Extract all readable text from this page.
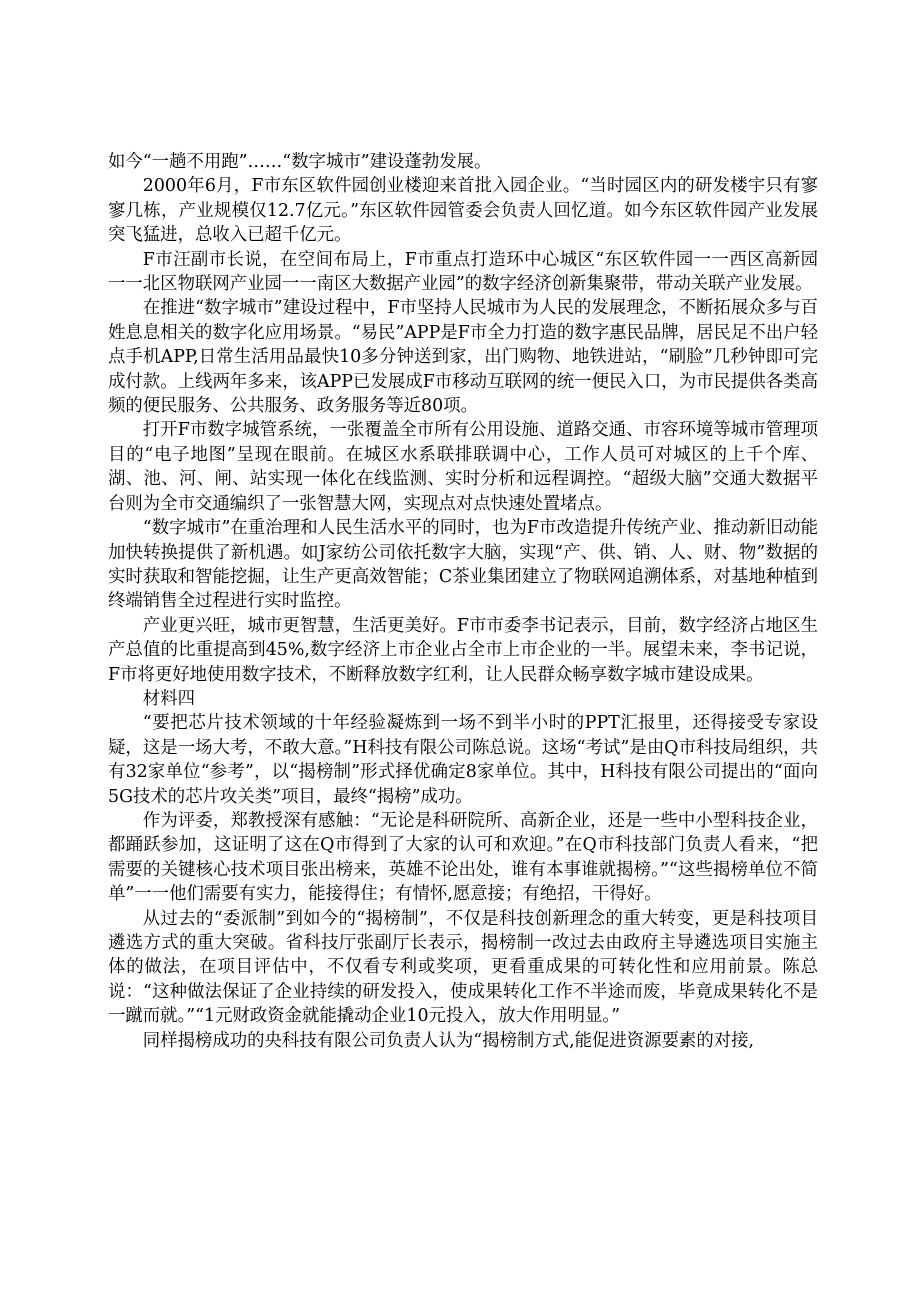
如今“一趟不用跑”……“数字城市”建设蓬勃发展。

2000年6月，F市东区软件园创业楼迎来首批入园企业。“当时园区内的研发楼宇只有寥寥几栋，产业规模仅12.7亿元。”东区软件园管委会负责人回忆道。如今东区软件园产业发展突飞猛进，总收入已超千亿元。

F市汪副市长说，在空间布局上，F市重点打造环中心城区“东区软件园一一西区高新园一一北区物联网产业园一一南区大数据产业园”的数字经济创新集聚带，带动关联产业发展。

在推进“数字城市”建设过程中，F市坚持人民城市为人民的发展理念，不断拓展众多与百姓息息相关的数字化应用场景。“易民”APP是F市全力打造的数字惠民品牌，居民足不出户轻点手机APP,日常生活用品最快10多分钟送到家，出门购物、地铁进站，“刷脸”几秒钟即可完成付款。上线两年多来，该APP已发展成F市移动互联网的统一便民入口，为市民提供各类高频的便民服务、公共服务、政务服务等近80项。

打开F市数字城管系统，一张覆盖全市所有公用设施、道路交通、市容环境等城市管理项目的“电子地图”呈现在眼前。在城区水系联排联调中心，工作人员可对城区的上千个库、湖、池、河、闸、站实现一体化在线监测、实时分析和远程调控。“超级大脑”交通大数据平台则为全市交通编织了一张智慧大网，实现点对点快速处置堵点。

“数字城市”在重治理和人民生活水平的同时，也为F市改造提升传统产业、推动新旧动能加快转换提供了新机遇。如J家纺公司依托数字大脑，实现“产、供、销、人、财、物”数据的实时获取和智能挖掘，让生产更高效智能；C茶业集团建立了物联网追溯体系，对基地种植到终端销售全过程进行实时监控。

产业更兴旺，城市更智慧，生活更美好。F市市委李书记表示，目前，数字经济占地区生产总值的比重提高到45%,数字经济上市企业占全市上市企业的一半。展望未来，李书记说，F市将更好地使用数字技术，不断释放数字红利，让人民群众畅享数字城市建设成果。

材料四

“要把芯片技术领域的十年经验凝炼到一场不到半小时的PPT汇报里，还得接受专家设疑，这是一场大考，不敢大意。”H科技有限公司陈总说。这场“考试”是由Q市科技局组织，共有32家单位“参考”，以“揭榜制”形式择优确定8家单位。其中，H科技有限公司提出的“面向5G技术的芯片攻关类”项目，最终“揭榜”成功。

作为评委，郑教授深有感触：“无论是科研院所、高新企业，还是一些中小型科技企业，都踊跃参加，这证明了这在Q市得到了大家的认可和欢迎。”在Q市科技部门负责人看来，“把需要的关键核心技术项目张出榜来，英雄不论出处，谁有本事谁就揭榜。”“这些揭榜单位不简单”一一他们需要有实力，能接得住；有情怀,愿意接；有绝招，干得好。

从过去的“委派制”到如今的“揭榜制”，不仅是科技创新理念的重大转变，更是科技项目遴选方式的重大突破。省科技厅张副厅长表示，揭榜制一改过去由政府主导遴选项目实施主体的做法，在项目评估中，不仅看专利或奖项，更看重成果的可转化性和应用前景。陈总说：“这种做法保证了企业持续的研发投入，使成果转化工作不半途而废，毕竟成果转化不是一蹴而就。”“1元财政资金就能撬动企业10元投入，放大作用明显。”

同样揭榜成功的央科技有限公司负责人认为“揭榜制方式,能促进资源要素的对接,
